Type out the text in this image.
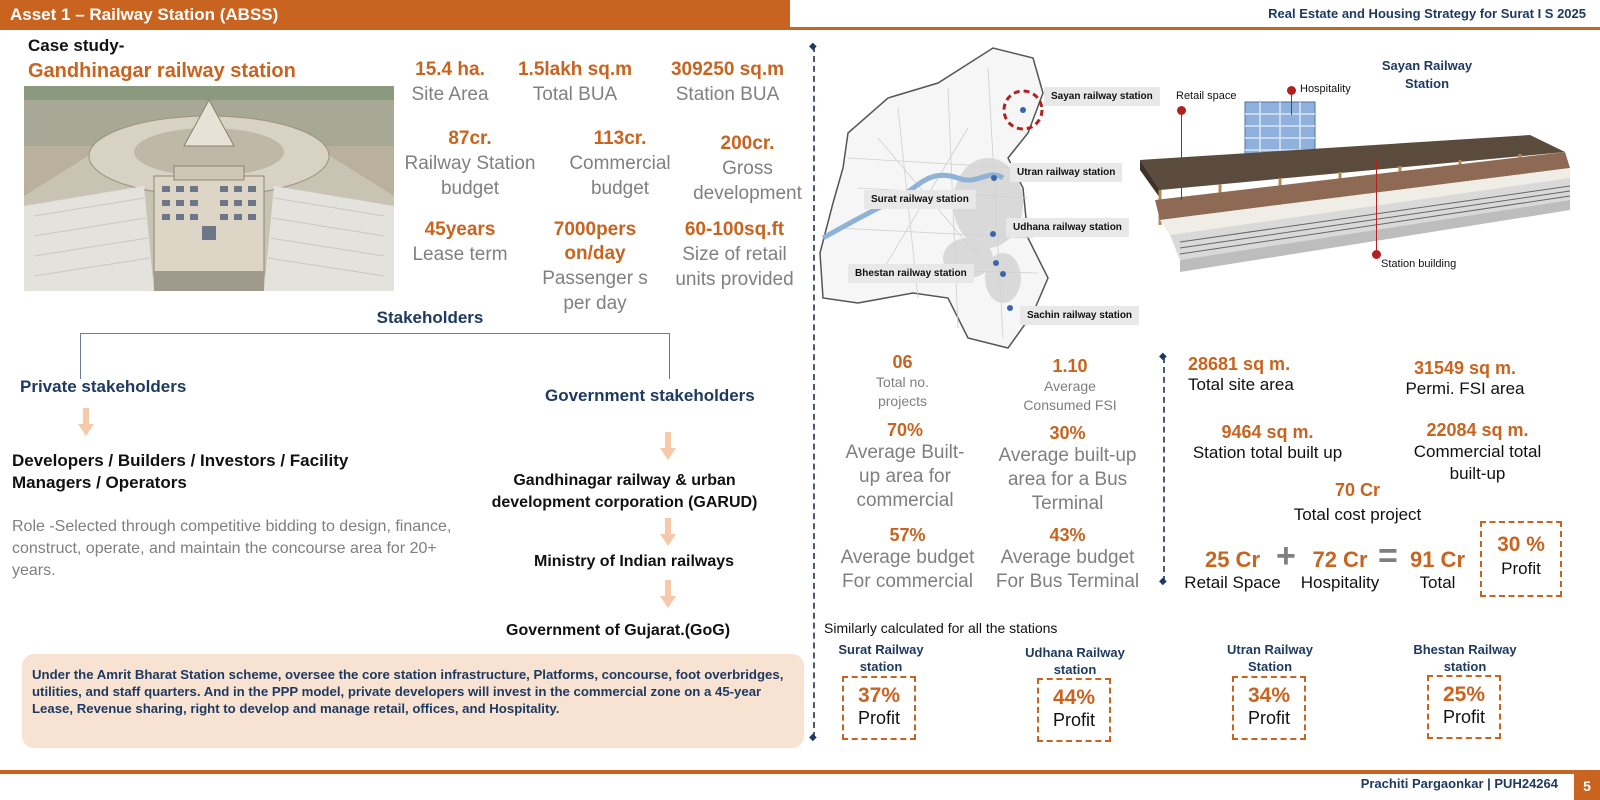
Asset 1 – Railway Station (ABSS)	Real Estate and Housing Strategy for Surat I S 2025
Case study-
Gandhinagar railway station	15.4 ha.
Site Area
1.5lakh sq.m
Total BUA
309250 sq.m
Station BUA
87cr.
Railway Station budget
113cr.
Commercial budget
200cr.
Gross development
45years
Lease term
7000pers on/day
Passenger s per day
60-100sq.ft
Size of retail units provided
Stakeholders
Private stakeholders	Government stakeholders
Developers / Builders / Investors / Facility Managers / Operators
Role -Selected through competitive bidding to design, finance, construct, operate, and maintain the concourse area for 20+ years.
Gandhinagar railway & urban development corporation (GARUD)
Ministry of Indian railways
Government of Gujarat.(GoG)
Under the Amrit Bharat Station scheme, oversee the core station infrastructure, Platforms, concourse, foot overbridges, utilities, and staff quarters. And in the PPP model, private developers will invest in the commercial zone on a 45-year Lease, Revenue sharing, right to develop and manage retail, offices, and Hospitality.
◆
◆
Sayan railway station
Utran railway station
Surat railway station
Udhana railway station
Bhestan railway station
Sachin railway station
Retail space
Hospitality
Sayan Railway Station
Station building
06
Total no. projects
1.10
Average Consumed FSI
70%
Average Built-up area for commercial
30%
Average built-up area for a Bus Terminal
57%
Average budget For commercial
43%
Average budget For Bus Terminal
◆
◆
28681 sq m.
Total site area
31549 sq m.
Permi. FSI area
9464 sq m.
Station total built up
22084 sq m.
Commercial total built-up
70 Cr
Total cost project
25 Cr
Retail Space
+ 72 Cr
Hospitality
= 91 Cr
Total
30 %
Profit
Similarly calculated for all the stations
Surat Railway station
37%
Profit
Udhana Railway station
44%
Profit
Utran Railway Station
34%
Profit
Bhestan Railway station
25%
Profit
Prachiti Pargaonkar | PUH24264	5
